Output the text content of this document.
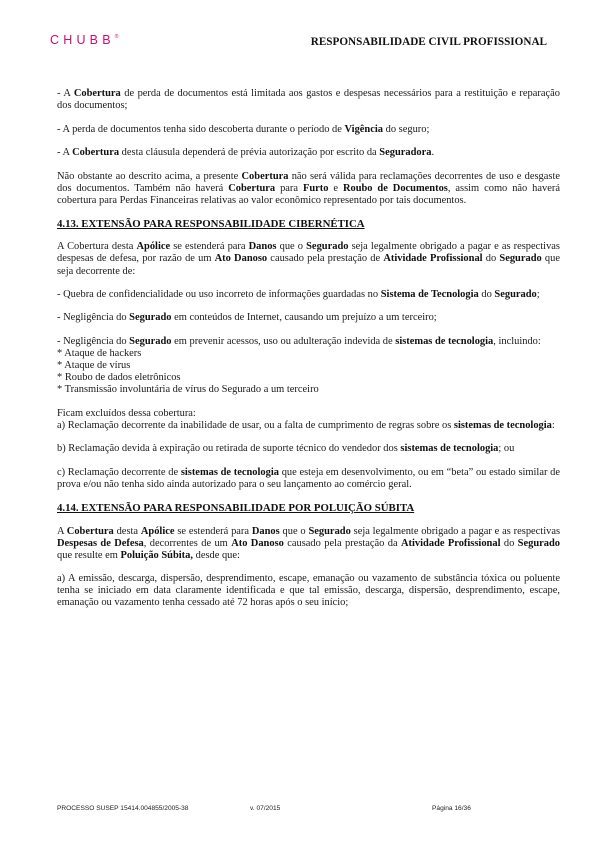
CHUBB®	RESPONSABILIDADE CIVIL PROFISSIONAL

- A Cobertura de perda de documentos está limitada aos gastos e despesas necessários para a restituição e reparação dos documentos;

- A perda de documentos tenha sido descoberta durante o período de Vigência do seguro;

- A Cobertura desta cláusula dependerá de prévia autorização por escrito da Seguradora.

Não obstante ao descrito acima, a presente Cobertura não será válida para reclamações decorrentes de uso e desgaste dos documentos. Também não haverá Cobertura para Furto e Roubo de Documentos, assim como não haverá cobertura para Perdas Financeiras relativas ao valor econômico representado por tais documentos.

4.13. EXTENSÃO PARA RESPONSABILIDADE CIBERNÉTICA

A Cobertura desta Apólice se estenderá para Danos que o Segurado seja legalmente obrigado a pagar e as respectivas despesas de defesa, por razão de um Ato Danoso causado pela prestação de Atividade Profissional do Segurado que seja decorrente de:

- Quebra de confidencialidade ou uso incorreto de informações guardadas no Sistema de Tecnologia do Segurado;

- Negligência do Segurado em conteúdos de Internet, causando um prejuízo a um terceiro;

- Negligência do Segurado em prevenir acessos, uso ou adulteração indevida de sistemas de tecnologia, incluindo:

* Ataque de hackers
* Ataque de vírus
* Roubo de dados eletrônicos
* Transmissão involuntária de vírus do Segurado a um terceiro

Ficam excluídos dessa cobertura:

a) Reclamação decorrente da inabilidade de usar, ou a falta de cumprimento de regras sobre os sistemas de tecnologia:

b) Reclamação devida à expiração ou retirada de suporte técnico do vendedor dos sistemas de tecnologia; ou

c) Reclamação decorrente de sistemas de tecnologia que esteja em desenvolvimento, ou em “beta” ou estado similar de prova e/ou não tenha sido ainda autorizado para o seu lançamento ao comércio geral.

4.14. EXTENSÃO PARA RESPONSABILIDADE POR POLUIÇÃO SÚBITA

A Cobertura desta Apólice se estenderá para Danos que o Segurado seja legalmente obrigado a pagar e as respectivas Despesas de Defesa, decorrentes de um Ato Danoso causado pela prestação da Atividade Profissional do Segurado que resulte em Poluição Súbita, desde que:

a) A emissão, descarga, dispersão, desprendimento, escape, emanação ou vazamento de substância tóxica ou poluente tenha se iniciado em data claramente identificada e que tal emissão, descarga, dispersão, desprendimento, escape, emanação ou vazamento tenha cessado até 72 horas após o seu início;

PROCESSO SUSEP 15414.004855/2005-38	v. 07/2015	Página 16/36
